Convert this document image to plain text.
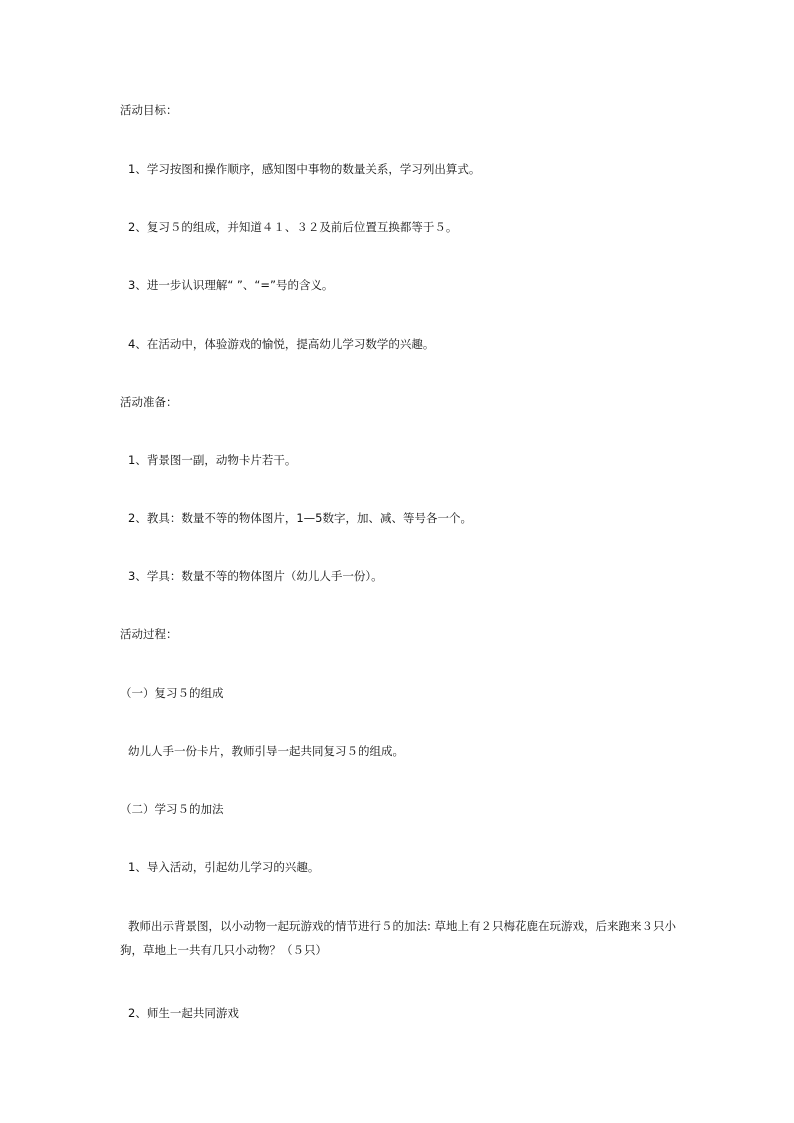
活动目标：
1、学习按图和操作顺序，感知图中事物的数量关系，学习列出算式。
2、复习５的组成，并知道４１、３２及前后位置互换都等于５。
3、进一步认识理解“ ”、“=”号的含义。
4、在活动中，体验游戏的愉悦，提高幼儿学习数学的兴趣。
活动准备：
1、背景图一副，动物卡片若干。
2、教具：数量不等的物体图片，1—5数字，加、减、等号各一个。
3、学具：数量不等的物体图片（幼儿人手一份）。
活动过程：
（一）复习５的组成
幼儿人手一份卡片，教师引导一起共同复习５的组成。
（二）学习５的加法
1、导入活动，引起幼儿学习的兴趣。
教师出示背景图，以小动物一起玩游戏的情节进行５的加法: 草地上有２只梅花鹿在玩游戏，后来跑来３只小狗，草地上一共有几只小动物？（５只）
2、师生一起共同游戏
